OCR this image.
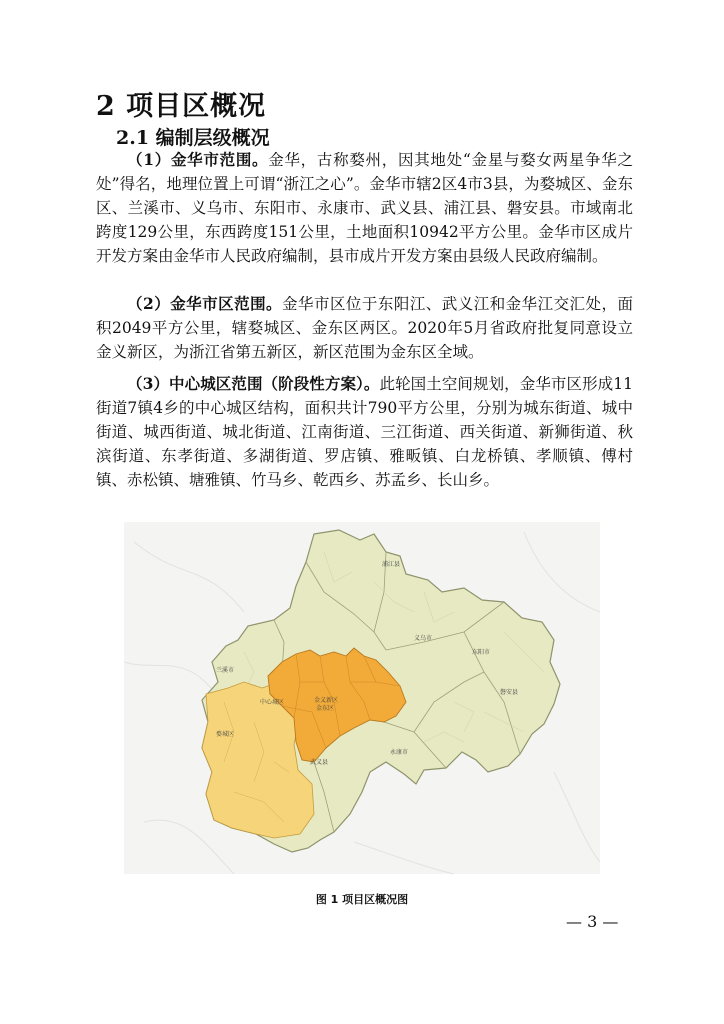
2 项目区概况
2.1 编制层级概况

（1）金华市范围。金华，古称婺州，因其地处“金星与婺女两星争华之处”得名，地理位置上可谓“浙江之心”。金华市辖2区4市3县，为婺城区、金东区、兰溪市、义乌市、东阳市、永康市、武义县、浦江县、磐安县。市域南北跨度129公里，东西跨度151公里，土地面积10942平方公里。金华市区成片开发方案由金华市人民政府编制，县市成片开发方案由县级人民政府编制。

（2）金华市区范围。金华市区位于东阳江、武义江和金华江交汇处，面积2049平方公里，辖婺城区、金东区两区。2020年5月省政府批复同意设立金义新区，为浙江省第五新区，新区范围为金东区全域。

（3）中心城区范围（阶段性方案）。此轮国土空间规划，金华市区形成11街道7镇4乡的中心城区结构，面积共计790平方公里，分别为城东街道、城中街道、城西街道、城北街道、江南街道、三江街道、西关街道、新狮街道、秋滨街道、东孝街道、多湖街道、罗店镇、雅畈镇、白龙桥镇、孝顺镇、傅村镇、赤松镇、塘雅镇、竹马乡、乾西乡、苏孟乡、长山乡。

浦江县
义乌市
东阳市
兰溪市
中心城区	金义新区
金东区
婺城区
武义县
永康市
磐安县
图 1 项目区概况图
— 3 —
